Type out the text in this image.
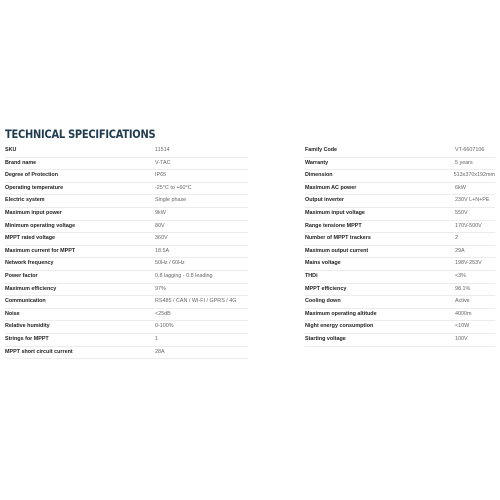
TECHNICAL SPECIFICATIONS
SKU	11514
Brand name	V-TAC
Degree of Protection	IP65
Operating temperature	-25°C to +60°C
Electric system	Single phase
Maximum input power	9kW
Minimum operating voltage	80V
MPPT rated voltage	360V
Maximum current for MPPT	18.5A
Network frequency	50Hz / 60Hz
Power factor	0.8 lagging - 0.8 leading
Maximum efficiency	97%
Communication	RS485 / CAN / WI-FI / GPRS / 4G
Noise	<25dB
Relative humidity	0-100%
Strings for MPPT	1
MPPT short circuit current	28A
Family Code	VT-6607106
Warranty	5 years
Dimension	513x370x192mm
Maximum AC power	6kW
Output inverter	230V L+N+PE
Maximum input voltage	550V
Range tensione MPPT	170V-500V
Number of MPPT trackers	2
Maximum output current	29A
Mains voltage	198V-253V
THDi	<3%
MPPT efficiency	98.1%
Cooling down	Active
Maximum operating altitude	4000m
Night energy consumption	<10W
Starting voltage	100V
